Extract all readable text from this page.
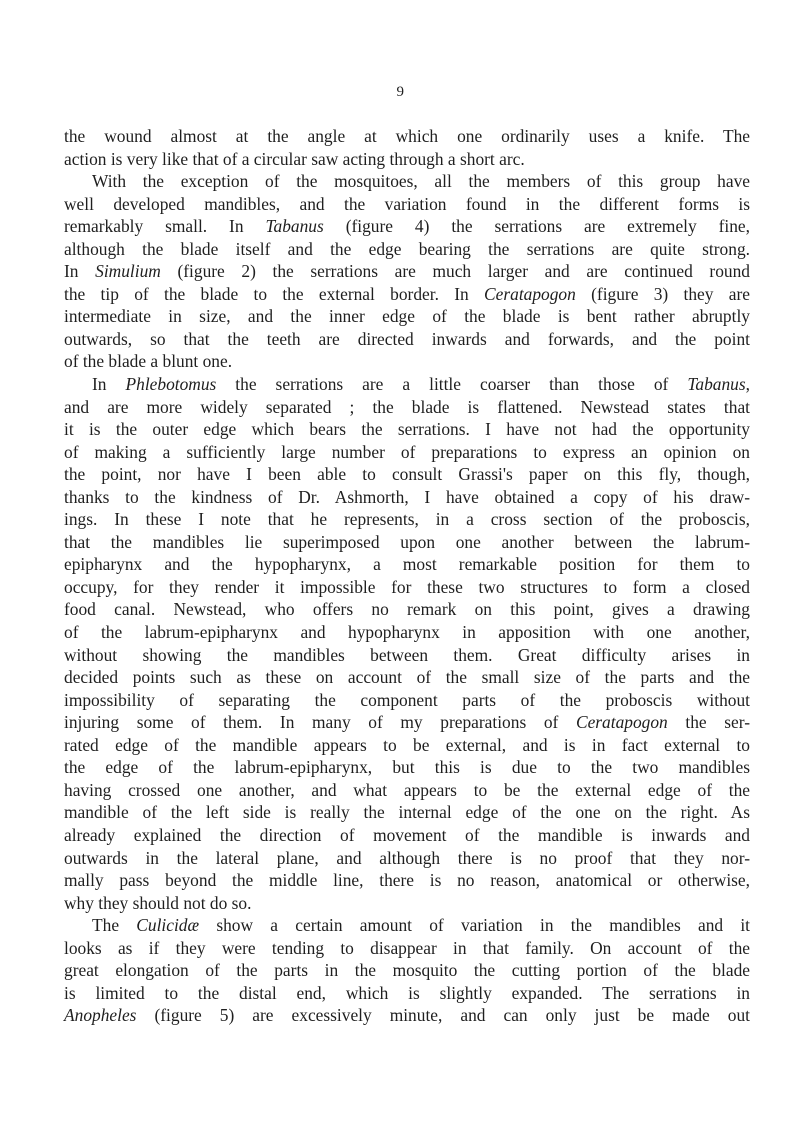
9
the wound almost at the angle at which one ordinarily uses a knife. The
action is very like that of a circular saw acting through a short arc.
With the exception of the mosquitoes, all the members of this group have
well developed mandibles, and the variation found in the different forms is
remarkably small. In Tabanus (figure 4) the serrations are extremely fine,
although the blade itself and the edge bearing the serrations are quite strong.
In Simulium (figure 2) the serrations are much larger and are continued round
the tip of the blade to the external border. In Ceratapogon (figure 3) they are
intermediate in size, and the inner edge of the blade is bent rather abruptly
outwards, so that the teeth are directed inwards and forwards, and the point
of the blade a blunt one.
In Phlebotomus the serrations are a little coarser than those of Tabanus,
and are more widely separated ; the blade is flattened. Newstead states that
it is the outer edge which bears the serrations. I have not had the opportunity
of making a sufficiently large number of preparations to express an opinion on
the point, nor have I been able to consult Grassi's paper on this fly, though,
thanks to the kindness of Dr. Ashmorth, I have obtained a copy of his draw-
ings. In these I note that he represents, in a cross section of the proboscis,
that the mandibles lie superimposed upon one another between the labrum-
epipharynx and the hypopharynx, a most remarkable position for them to
occupy, for they render it impossible for these two structures to form a closed
food canal. Newstead, who offers no remark on this point, gives a drawing
of the labrum-epipharynx and hypopharynx in apposition with one another,
without showing the mandibles between them. Great difficulty arises in
decided points such as these on account of the small size of the parts and the
impossibility of separating the component parts of the proboscis without
injuring some of them. In many of my preparations of Ceratapogon the ser-
rated edge of the mandible appears to be external, and is in fact external to
the edge of the labrum-epipharynx, but this is due to the two mandibles
having crossed one another, and what appears to be the external edge of the
mandible of the left side is really the internal edge of the one on the right. As
already explained the direction of movement of the mandible is inwards and
outwards in the lateral plane, and although there is no proof that they nor-
mally pass beyond the middle line, there is no reason, anatomical or otherwise,
why they should not do so.
The Culicidæ show a certain amount of variation in the mandibles and it
looks as if they were tending to disappear in that family. On account of the
great elongation of the parts in the mosquito the cutting portion of the blade
is limited to the distal end, which is slightly expanded. The serrations in
Anopheles (figure 5) are excessively minute, and can only just be made out
